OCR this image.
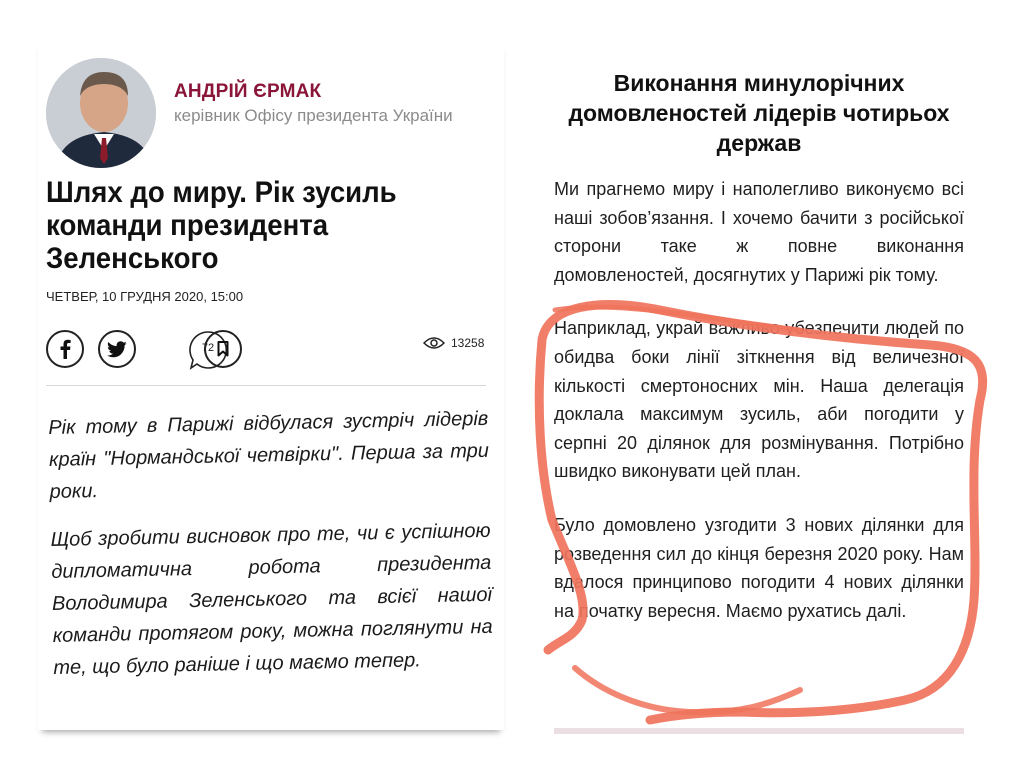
АНДРІЙ ЄРМАК
керівник Офісу президента України
Шлях до миру. Рік зусиль команди президента Зеленського
ЧЕТВЕР, 10 ГРУДНЯ 2020, 15:00
72	13258

Рік тому в Парижі відбулася зустріч лідерів країн "Нормандської четвірки". Перша за три роки.

Щоб зробити висновок про те, чи є успішною дипломатична робота президента Володимира Зеленського та всієї нашої команди протягом року, можна поглянути на те, що було раніше і що маємо тепер.

Виконання минулорічних домовленостей лідерів чотирьох держав

Ми прагнемо миру і наполегливо виконуємо всі наші зобов’язання. І хочемо бачити з російської сторони таке ж повне виконання домовленостей, досягнутих у Парижі рік тому.

Наприклад, украй важливо убезпечити людей по обидва боки лінії зіткнення від величезної кількості смертоносних мін. Наша делегація доклала максимум зусиль, аби погодити у серпні 20 ділянок для розмінування. Потрібно швидко виконувати цей план.

Було домовлено узгодити 3 нових ділянки для розведення сил до кінця березня 2020 року. Нам вдалося принципово погодити 4 нових ділянки на початку вересня. Маємо рухатись далі.
